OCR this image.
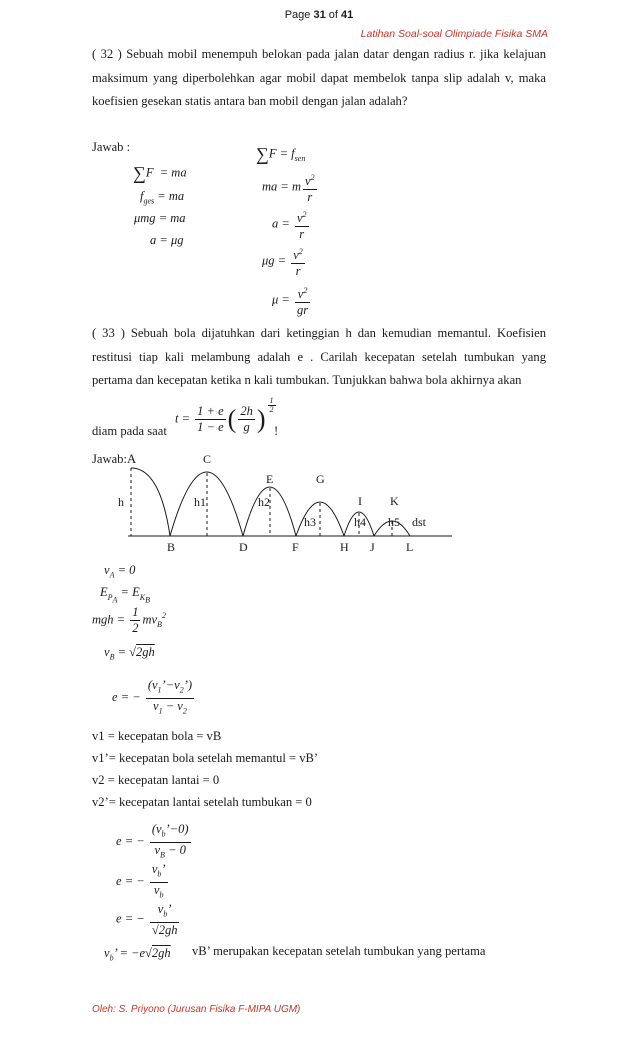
Page 31 of 41
Latihan Soal-soal Olimpiade Fisika SMA
( 32 ) Sebuah mobil menempuh belokan pada jalan datar dengan radius r. jika kelajuan maksimum yang diperbolehkan agar mobil dapat membelok tanpa slip adalah v, maka koefisien gesekan statis antara ban mobil dengan jalan adalah?
Jawab :
∑F  = ma
$f_{ges}$ = ma
μmg = ma
a = μg
$\sum F = f_{sen}$
ma = m $\frac{v^2}{r}$
$a = \frac{v^2}{r}$
$\mu g = \frac{v^2}{r}$
$\mu = \frac{v^2}{gr}$
( 33 ) Sebuah bola dijatuhkan dari ketinggian h dan kemudian memantul. Koefisien restitusi tiap kali melambung adalah e . Carilah kecepatan setelah tumbukan yang pertama dan kecepatan ketika n kali tumbukan. Tunjukkan bahwa bola akhirnya akan
diam pada saat
$t = \frac{1 + e}{1 - e}$ ( $\frac{2h}{g}$ ) $^{\frac{1}{2}}$
!
Jawab:A	C
E	G
I K
h	h1	h2
h3	h4 h5 dst
B	D	F	H J	L
$v_A = 0$
$E_{P_A} = E_{K_B}$
mgh = $\frac{1}{2} mv_B^2$
$v_B = √2gh$
e = − $\frac{(v_1’-v_2’)}{v_1 - v_2}$
v1 = kecepatan bola = vB
v1’= kecepatan bola setelah memantul = vB’
v2 = kecepatan lantai = 0
v2’= kecepatan lantai setelah tumbukan = 0
e = − $\frac{(v_b’-0)}{v_B - 0}$
e = − $\frac{v_b’}{v_b}$
e = − $\frac{v_b’}{√2gh}$
$v_b$’ = −e√2gh vB’ merupakan kecepatan setelah tumbukan yang pertama
Oleh: S. Priyono (Jurusan Fisika F-MIPA UGM)
